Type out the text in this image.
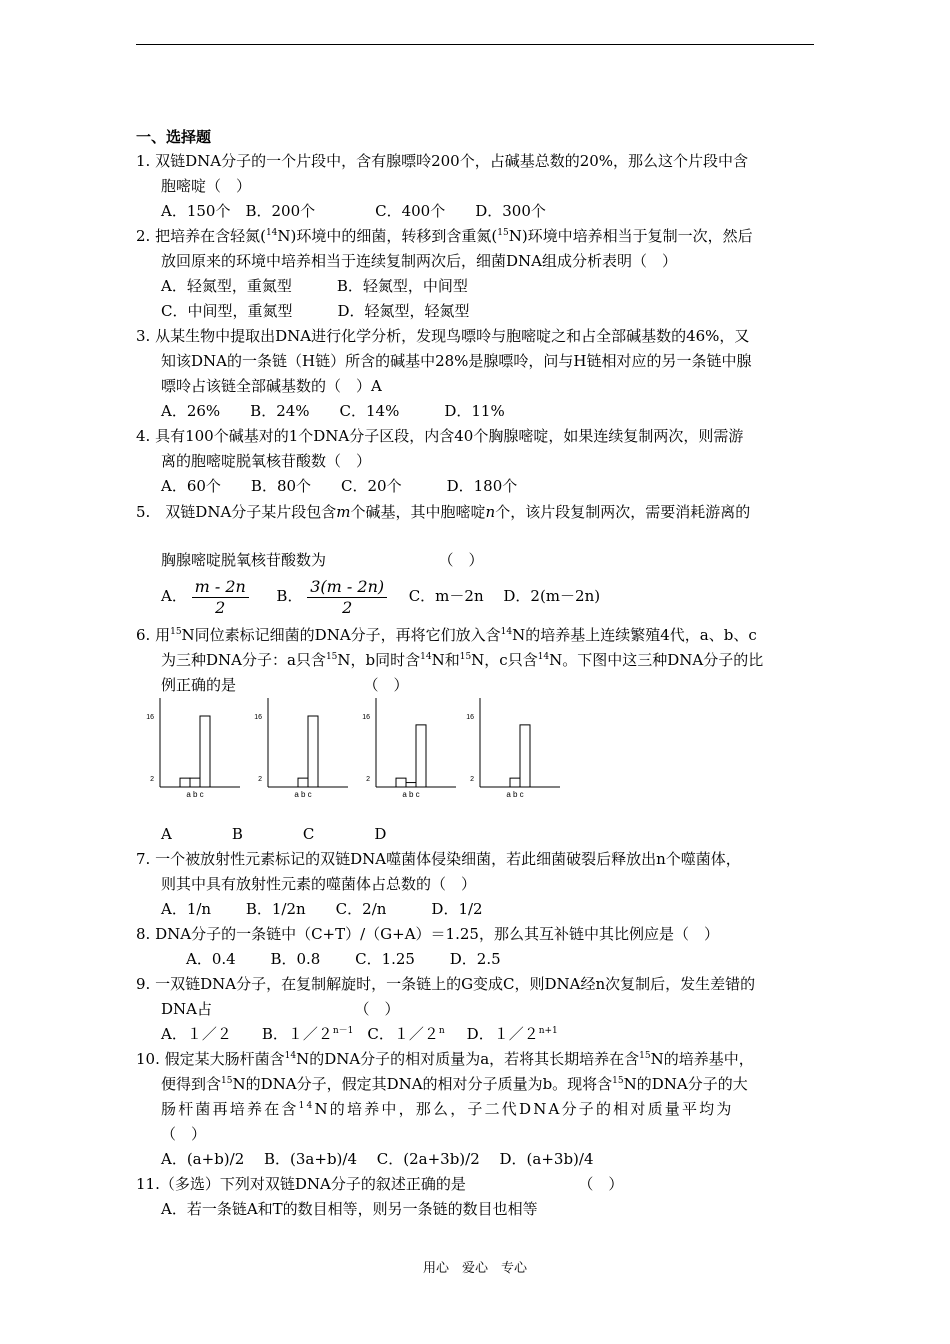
一、选择题
1. 双链DNA分子的一个片段中，含有腺嘌呤200个，占碱基总数的20%，那么这个片段中含
胞嘧啶（　）
A．150个　B．200个　　　　C．400个　　D．300个
2. 把培养在含轻氮($^{14}$N)环境中的细菌，转移到含重氮($^{15}$N)环境中培养相当于复制一次，然后
放回原来的环境中培养相当于连续复制两次后，细菌DNA组成分析表明（　）
A．轻氮型，重氮型　　　B．轻氮型，中间型
C．中间型，重氮型　　　D．轻氮型，轻氮型
3. 从某生物中提取出DNA进行化学分析，发现鸟嘌呤与胞嘧啶之和占全部碱基数的46%，又
知该DNA的一条链（H链）所含的碱基中28%是腺嘌呤，问与H链相对应的另一条链中腺
嘌呤占该链全部碱基数的（　）A
A．26%　　B．24%　　C．14%　　　D．11%
4. 具有100个碱基对的1个DNA分子区段，内含40个胸腺嘧啶，如果连续复制两次，则需游
离的胞嘧啶脱氧核苷酸数（　）
A．60个　　B．80个　　C．20个　　　D．180个
5.　双链DNA分子某片段包含m个碱基，其中胞嘧啶n个，该片段复制两次，需要消耗游离的
胸腺嘧啶脱氧核苷酸数为　　　　　　　　（　）
A． $\frac{m - 2n}{2}$ B． $\frac{3(m - 2n)}{2}$ C．m－2n　 D．2(m－2n)
6. 用$^{15}$N同位素标记细菌的DNA分子，再将它们放入含$^{14}$N的培养基上连续繁殖4代，a、b、c
为三种DNA分子：a只含$^{15}$N，b同时含$^{14}$N和$^{15}$N，c只含$^{14}$N。下图中这三种DNA分子的比
例正确的是　　　　　　　　　（　）
16
2
a b c
16
2
a b c
16
2
a b c
16
2
a b c
A　　　　B　　　　C　　　　D
7. 一个被放射性元素标记的双链DNA噬菌体侵染细菌，若此细菌破裂后释放出n个噬菌体，
则其中具有放射性元素的噬菌体占总数的（　）
A．1/n　　 B．1/2n　　C．2/n　　　D．1/2
8. DNA分子的一条链中（C+T）/（G+A）＝1.25，那么其互补链中其比例应是（　）
A．0.4　　 B．0.8　　 C．1.25　　 D．2.5
9. 一双链DNA分子，在复制解旋时，一条链上的G变成C，则DNA经n次复制后，发生差错的
DNA占　　　　　　　　　　（　）
A．１／２　　B．$1/2^{n-1}$ C．１／２$^n$ D．$1/2^{n+1}$
10. 假定某大肠杆菌含$^{14}$N的DNA分子的相对质量为a，若将其长期培养在含$^{15}$N的培养基中，
便得到含$^{15}$N的DNA分子，假定其DNA的相对分子质量为b。现将含$^{15}$N的DNA分子的大
肠杆菌再培养在含$^{14}$N的培养中，那么，子二代DNA分子的相对质量平均为
（　）
A．(a+b)/2　 B．(3a+b)/4　 C．(2a+3b)/2　 D．(a+3b)/4
11.（多选）下列对双链DNA分子的叙述正确的是　　　　　　　　（　）
A．若一条链A和T的数目相等，则另一条链的数目也相等
用心　爱心　专心
